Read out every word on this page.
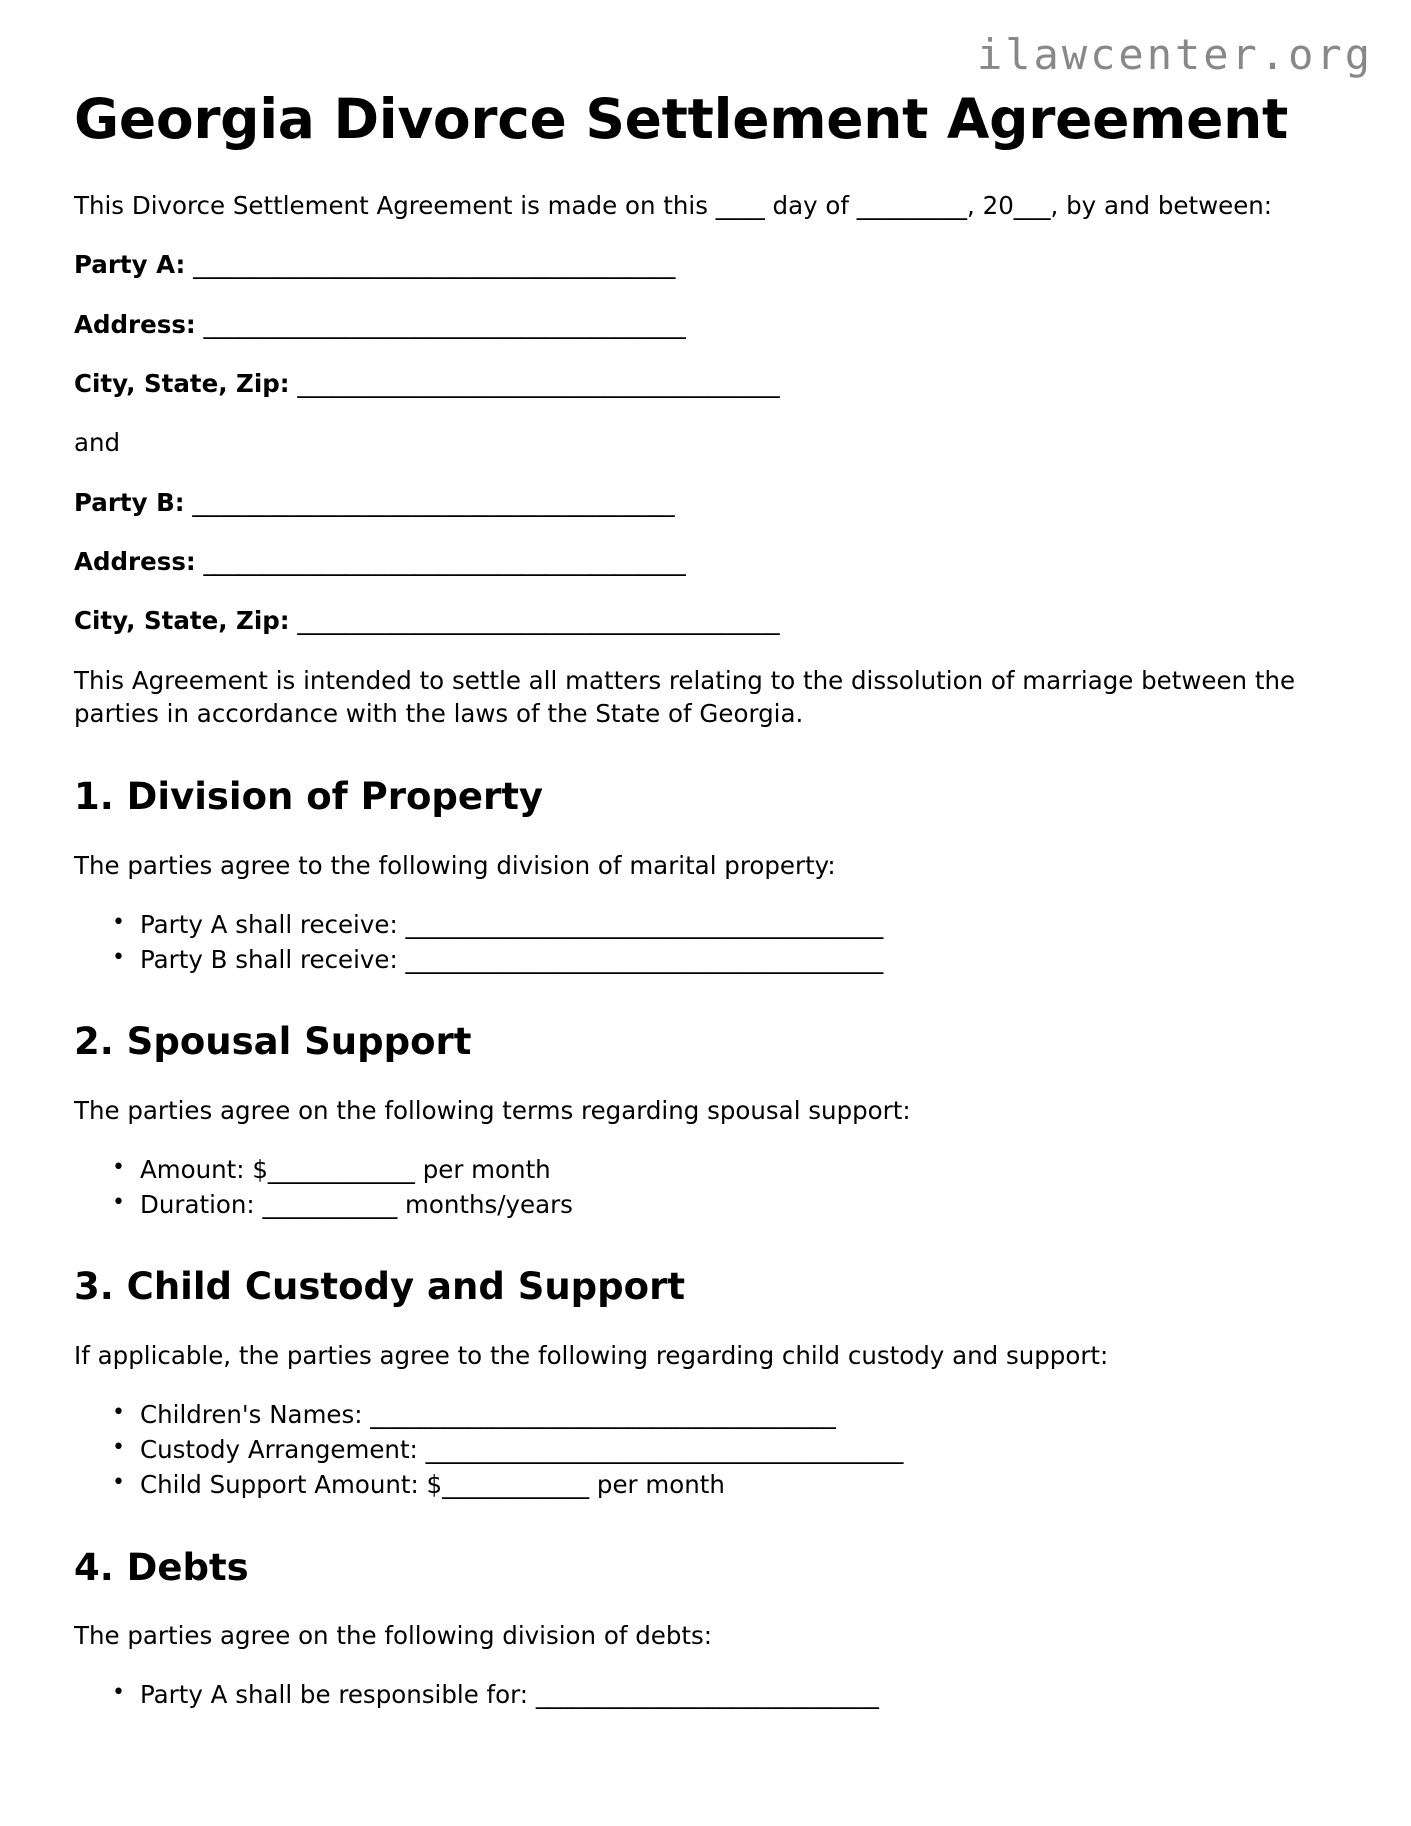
ilawcenter.org
Georgia Divorce Settlement Agreement

This Divorce Settlement Agreement is made on this ____ day of _________, 20___, by and between:

Party A: _________________________________________

Address: _________________________________________

City, State, Zip: _________________________________________

and

Party B: _________________________________________

Address: _________________________________________

City, State, Zip: _________________________________________

This Agreement is intended to settle all matters relating to the dissolution of marriage between the parties in accordance with the laws of the State of Georgia.

1. Division of Property

The parties agree to the following division of marital property:

• Party A shall receive: _______________________________________
• Party B shall receive: _______________________________________
2. Spousal Support

The parties agree on the following terms regarding spousal support:

• Amount: $____________ per month
• Duration: ___________ months/years
3. Child Custody and Support

If applicable, the parties agree to the following regarding child custody and support:

• Children's Names: ______________________________________
• Custody Arrangement: _______________________________________
• Child Support Amount: $____________ per month
4. Debts

The parties agree on the following division of debts:

• Party A shall be responsible for: ____________________________
